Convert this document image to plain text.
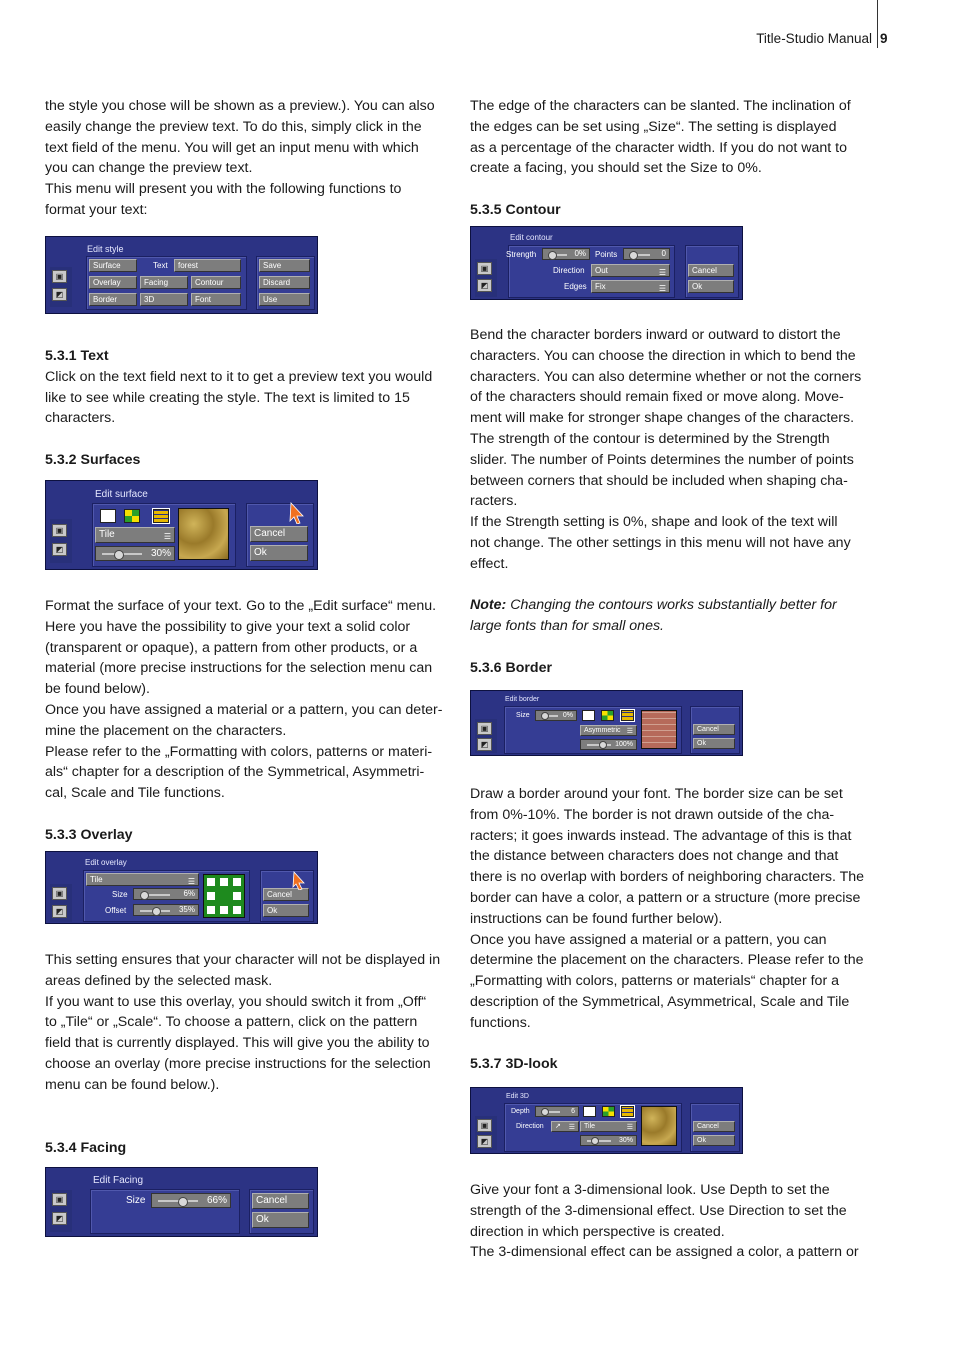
Title-Studio Manual 9

the style you chose will be shown as a preview.). You can also

easily change the preview text. To do this, simply click in the

text field of the menu. You will get an input menu with which

you can change the preview text.

This menu will present you with the following functions to

format your text:

▣
◩
Edit style
Surface	Text	forest
Overlay	Facing	Contour
Border	3D	Font
Save
Discard
Use

5.3.1 Text

Click on the text field next to it to get a preview text you would

like to see while creating the style. The text is limited to 15

characters.

5.3.2 Surfaces

▣
◩
Edit surface
Tile	☰
30%
Cancel
Ok

Format the surface of your text. Go to the „Edit surface“ menu.

Here you have the possibility to give your text a solid color

(transparent or opaque), a pattern from other products, or a

material (more precise instructions for the selection menu can

be found below).

Once you have assigned a material or a pattern, you can deter-

mine the placement on the characters.

Please refer to the „Formatting with colors, patterns or materi-

als“ chapter for a description of the Symmetrical, Asymmetri-

cal, Scale and Tile functions.

5.3.3 Overlay

▣
◩
Edit overlay
Tile	☰
Size	6%
Offset	35%
Cancel
Ok

This setting ensures that your character will not be displayed in

areas defined by the selected mask.

If you want to use this overlay, you should switch it from „Off“

to „Tile“ or „Scale“. To choose a pattern, click on the pattern

field that is currently displayed. This will give you the ability to

choose an overlay (more precise instructions for the selection

menu can be found below.).

5.3.4 Facing

▣
◩
Edit Facing
Size	66%	Cancel
Ok

The edge of the characters can be slanted. The inclination of

the edges can be set using „Size“. The setting is displayed

as a percentage of the character width. If you do not want to

create a facing, you should set the Size to 0%.

5.3.5 Contour

▣
◩
Edit contour
Strength	0%	Points	0
Direction	Out	☰
Edges	Fix	☰
Cancel
Ok

Bend the character borders inward or outward to distort the

characters. You can choose the direction in which to bend the

characters. You can also determine whether or not the corners

of the characters should remain fixed or move along. Move-

ment will make for stronger shape changes of the characters.

The strength of the contour is determined by the Strength

slider. The number of Points determines the number of points

between corners that should be included when shaping cha-

racters.

If the Strength setting is 0%, shape and look of the text will

not change. The other settings in this menu will not have any

effect.

Note: Changing the contours works substantially better for

large fonts than for small ones.

5.3.6 Border

▣
◩
Edit border
Size	0%
Asymmetric ☰
100%
Cancel
Ok

Draw a border around your font. The border size can be set

from 0%-10%. The border is not drawn outside of the cha-

racters; it goes inwards instead. The advantage of this is that

the distance between characters does not change and that

there is no overlap with borders of neighboring characters. The

border can have a color, a pattern or a structure (more precise

instructions can be found further below).

Once you have assigned a material or a pattern, you can

determine the placement on the characters. Please refer to the

„Formatting with colors, patterns or materials“ chapter for a

description of the Symmetrical, Asymmetrical, Scale and Tile

functions.

5.3.7 3D-look

▣
◩
Edit 3D
Depth	6
Direction	↗ ☰	Tile	☰
30%
Cancel
Ok

Give your font a 3-dimensional look. Use Depth to set the

strength of the 3-dimensional effect. Use Direction to set the

direction in which perspective is created.

The 3-dimensional effect can be assigned a color, a pattern or
